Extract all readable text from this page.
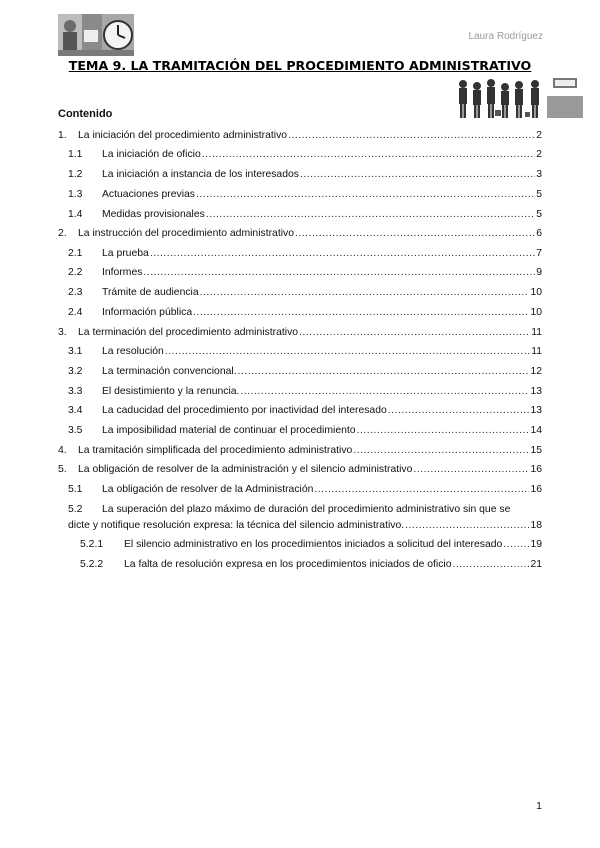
Laura Rodríguez
TEMA 9. LA TRAMITACIÓN DEL PROCEDIMIENTO ADMINISTRATIVO
Contenido
1.	La iniciación del procedimiento administrativo .....	2
1.1	La iniciación de oficio .....	2
1.2	La iniciación a instancia de los interesados .....	3
1.3	Actuaciones previas .....	5
1.4	Medidas provisionales .....	5
2.	La instrucción del procedimiento administrativo .....	6
2.1	La prueba .....	7
2.2	Informes .....	9
2.3	Trámite de audiencia .....	10
2.4	Información pública .....	10
3.	La terminación del procedimiento administrativo .....	11
3.1	La resolución .....	11
3.2	La terminación convencional. .....	12
3.3	El desistimiento y la renuncia. .....	13
3.4	La caducidad del procedimiento por inactividad del interesado .....	13
3.5	La imposibilidad material de continuar el procedimiento .....	14
4.	La tramitación simplificada del procedimiento administrativo .....	15
5.	La obligación de resolver de la administración y el silencio administrativo .....	16
5.1	La obligación de resolver de la Administración .....	16
5.2	La superación del plazo máximo de duración del procedimiento administrativo sin que se
dicte y notifique resolución expresa: la técnica del silencio administrativo. .....	18
5.2.1	El silencio administrativo en los procedimientos iniciados a solicitud del interesado .....	19
5.2.2	La falta de resolución expresa en los procedimientos iniciados de oficio .....	21
1
